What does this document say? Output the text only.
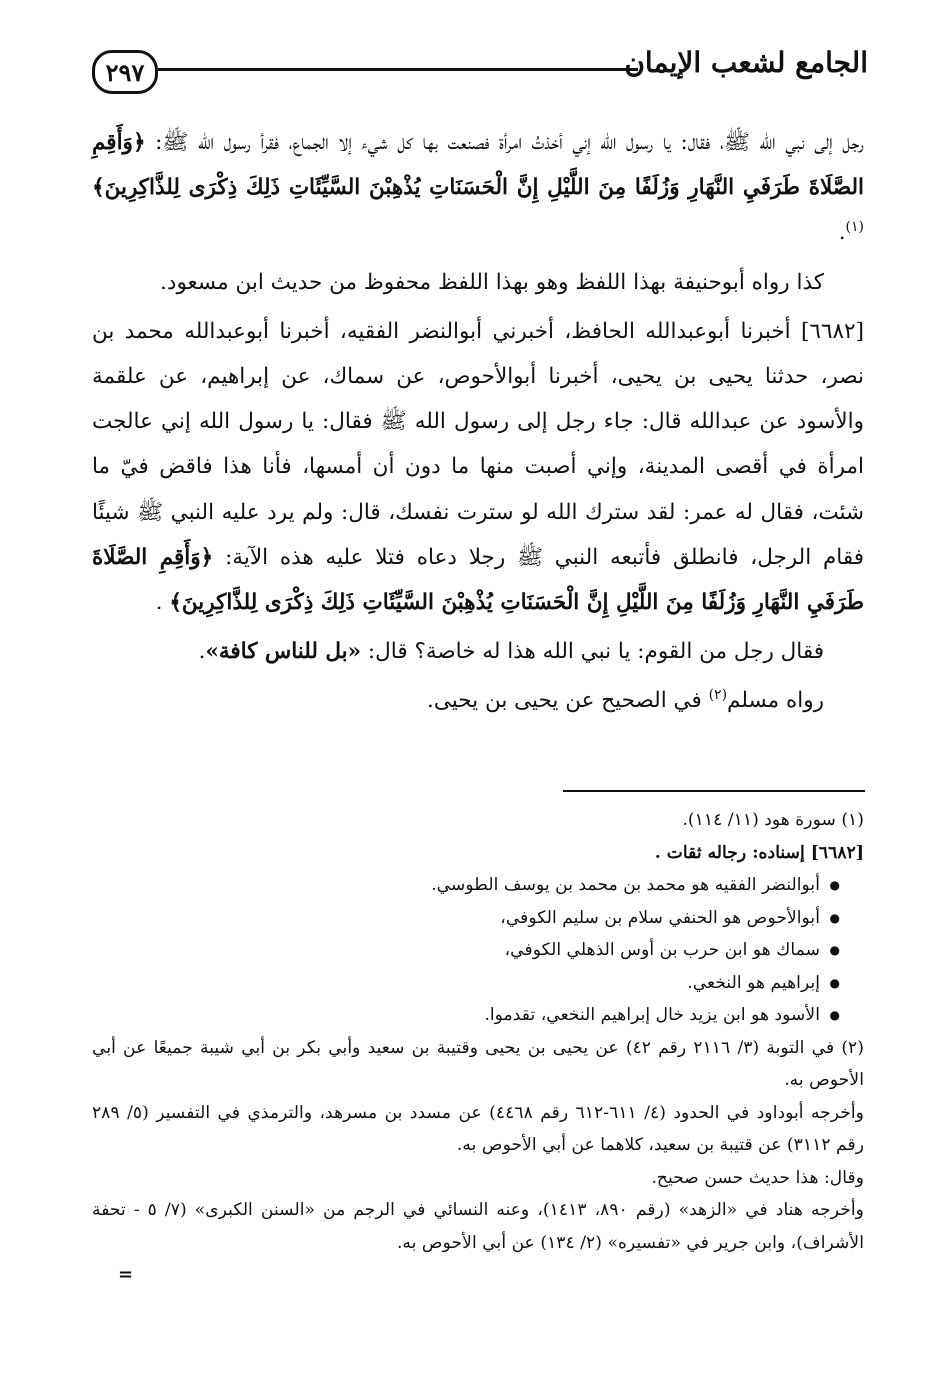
٢٩٧	الجامع لشعب الإيمان

رجل إلى نبي الله ﷺ، فقال: يا رسول الله إني أخذتُ امرأة فصنعت بها كل شيء إلا الجماع، فقرأ رسول الله ﷺ: ﴿وَأَقِمِ الصَّلَاةَ طَرَفَيِ النَّهَارِ وَزُلَفًا مِنَ اللَّيْلِ إِنَّ الْحَسَنَاتِ يُذْهِبْنَ السَّيِّئَاتِ ذَلِكَ ذِكْرَى لِلذَّاكِرِينَ﴾$^{(١)}$.

كذا رواه أبوحنيفة بهذا اللفظ وهو بهذا اللفظ محفوظ من حديث ابن مسعود.

[٦٦٨٢] أخبرنا أبوعبدالله الحافظ، أخبرني أبوالنضر الفقيه، أخبرنا أبوعبدالله محمد بن نصر، حدثنا يحيى بن يحيى، أخبرنا أبوالأحوص، عن سماك، عن إبراهيم، عن علقمة والأسود عن عبدالله قال: جاء رجل إلى رسول الله ﷺ فقال: يا رسول الله إني عالجت امرأة في أقصى المدينة، وإني أصبت منها ما دون أن أمسها، فأنا هذا فاقض فيّ ما شئت، فقال له عمر: لقد سترك الله لو سترت نفسك، قال: ولم يرد عليه النبي ﷺ شيئًا فقام الرجل، فانطلق فأتبعه النبي ﷺ رجلا دعاه فتلا عليه هذه الآية: ﴿وَأَقِمِ الصَّلَاةَ طَرَفَيِ النَّهَارِ وَزُلَفًا مِنَ اللَّيْلِ إِنَّ الْحَسَنَاتِ يُذْهِبْنَ السَّيِّئَاتِ ذَلِكَ ذِكْرَى لِلذَّاكِرِينَ﴾ .

فقال رجل من القوم: يا نبي الله هذا له خاصة؟ قال: «بل للناس كافة».

رواه مسلم$^{(٢)}$ في الصحيح عن يحيى بن يحيى.

(١) سورة هود (١١/ ١١٤).

[٦٦٨٢] إسناده: رجاله ثقات .

● أبوالنضر الفقيه هو محمد بن محمد بن يوسف الطوسي.
● أبوالأحوص هو الحنفي سلام بن سليم الكوفي،
● سماك هو ابن حرب بن أوس الذهلي الكوفي،
● إبراهيم هو النخعي.
● الأسود هو ابن يزيد خال إبراهيم النخعي، تقدموا.

(٢) في التوبة (٣/ ٢١١٦ رقم ٤٢) عن يحيى بن يحيى وقتيبة بن سعيد وأبي بكر بن أبي شيبة جميعًا عن أبي الأحوص به.

وأخرجه أبوداود في الحدود (٤/ ٦١١-٦١٢ رقم ٤٤٦٨) عن مسدد بن مسرهد، والترمذي في التفسير (٥/ ٢٨٩ رقم ٣١١٢) عن قتيبة بن سعيد، كلاهما عن أبي الأحوص به.

وقال: هذا حديث حسن صحيح.

وأخرجه هناد في «الزهد» (رقم ٨٩٠، ١٤١٣)، وعنه النسائي في الرجم من «السنن الكبرى» (٧/ ٥ - تحفة الأشراف)، وابن جرير في «تفسيره» (٢/ ١٣٤) عن أبي الأحوص به.

=
